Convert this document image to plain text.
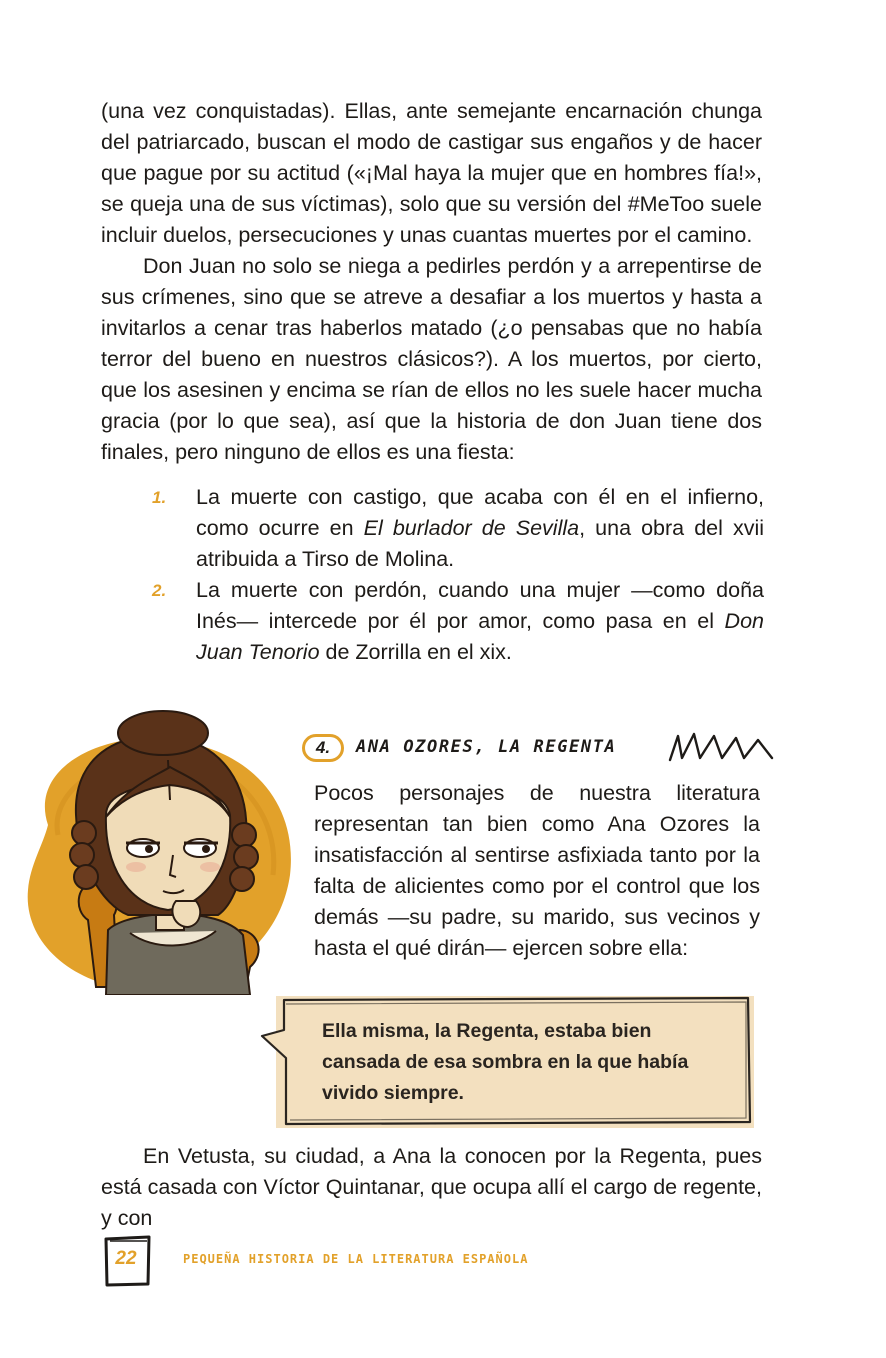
(una vez conquistadas). Ellas, ante semejante encarnación chunga del patriarcado, buscan el modo de castigar sus engaños y de hacer que pague por su actitud («¡Mal haya la mujer que en hombres fía!», se queja una de sus víctimas), solo que su versión del #MeToo suele incluir duelos, persecuciones y unas cuantas muertes por el camino.

Don Juan no solo se niega a pedirles perdón y a arrepentirse de sus crímenes, sino que se atreve a desafiar a los muertos y hasta a invitarlos a cenar tras haberlos matado (¿o pensabas que no había terror del bueno en nuestros clásicos?). A los muertos, por cierto, que los asesinen y encima se rían de ellos no les suele hacer mucha gracia (por lo que sea), así que la historia de don Juan tiene dos finales, pero ninguno de ellos es una fiesta:

1. La muerte con castigo, que acaba con él en el infierno, como ocurre en El burlador de Sevilla, una obra del xvii atribuida a Tirso de Molina.
2. La muerte con perdón, cuando una mujer —como doña Inés— intercede por él por amor, como pasa en el Don Juan Tenorio de Zorrilla en el xix.
4.	ANA OZORES, LA REGENTA

Pocos personajes de nuestra literatura representan tan bien como Ana Ozores la insatisfacción al sentirse asfixiada tanto por la falta de alicientes como por el control que los demás —su padre, su marido, sus vecinos y hasta el qué dirán— ejercen sobre ella:

Ella misma, la Regenta, estaba bien cansada de esa sombra en la que había vivido siempre.

En Vetusta, su ciudad, a Ana la conocen por la Regenta, pues está casada con Víctor Quintanar, que ocupa allí el cargo de regente, y con

22	PEQUEÑA HISTORIA DE LA LITERATURA ESPAÑOLA
